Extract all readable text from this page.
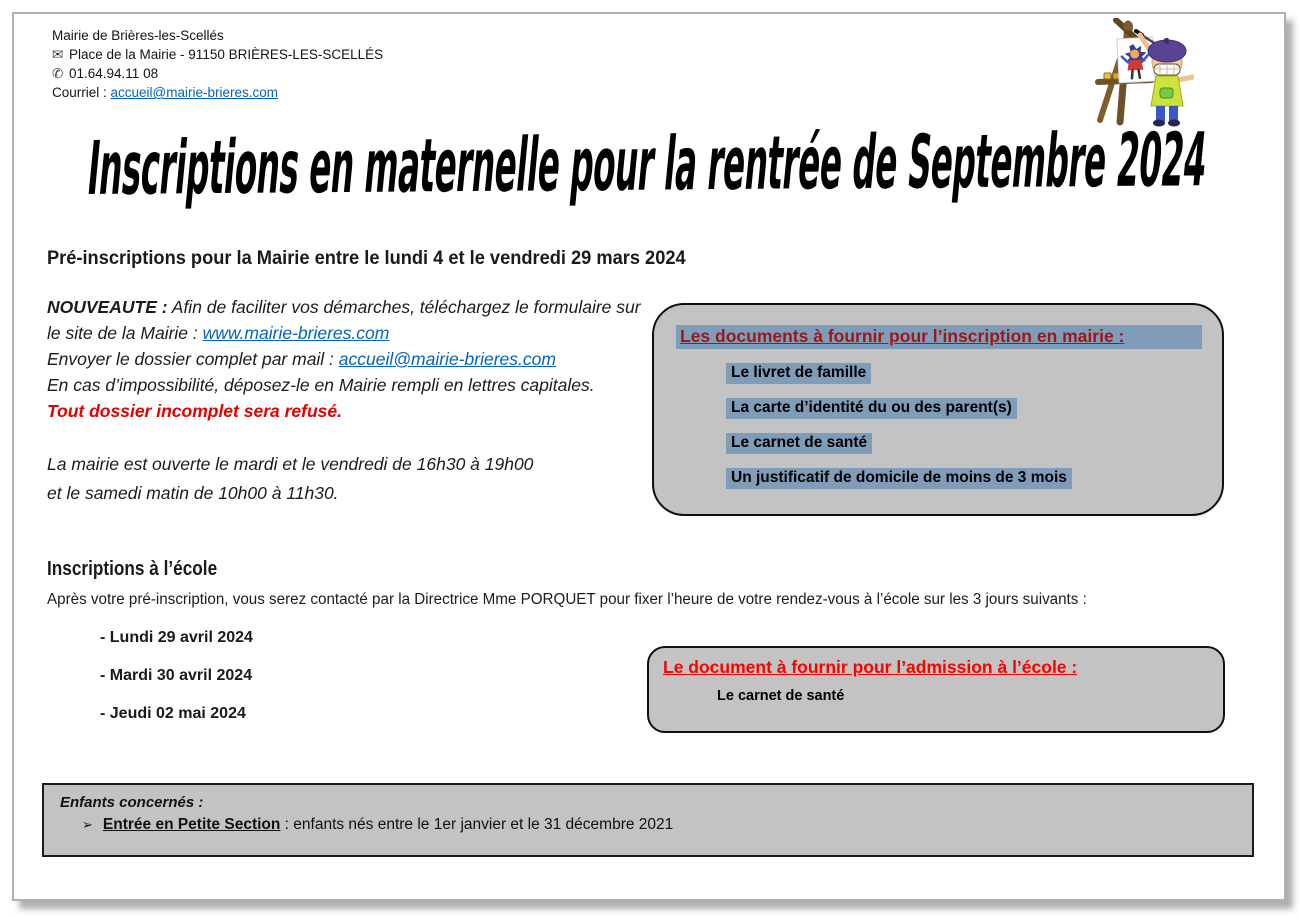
Mairie de Brières-les-Scellés
✉ Place de la Mairie - 91150 BRIÈRES-LES-SCELLÉS
✆ 01.64.94.11 08
Courriel : accueil@mairie-brieres.com
Inscriptions en maternelle pour la rentrée de Septembre 2024
Pré-inscriptions pour la Mairie entre le lundi 4 et le vendredi 29 mars 2024
NOUVEAUTE : Afin de faciliter vos démarches, téléchargez le formulaire sur
le site de la Mairie : www.mairie-brieres.com
Envoyer le dossier complet par mail : accueil@mairie-brieres.com
En cas d’impossibilité, déposez-le en Mairie rempli en lettres capitales.
Tout dossier incomplet sera refusé.
La mairie est ouverte le mardi et le vendredi de 16h30 à 19h00
et le samedi matin de 10h00 à 11h30.
Les documents à fournir pour l’inscription en mairie :
Le livret de famille
La carte d’identité du ou des parent(s)
Le carnet de santé
Un justificatif de domicile de moins de 3 mois
Inscriptions à l’école
Après votre pré-inscription, vous serez contacté par la Directrice Mme PORQUET pour fixer l’heure de votre rendez-vous à l’école sur les 3 jours suivants :
- Lundi 29 avril 2024
- Mardi 30 avril 2024
- Jeudi 02 mai 2024
Le document à fournir pour l’admission à l’école :
Le carnet de santé
Enfants concernés :
➢ Entrée en Petite Section : enfants nés entre le 1er janvier et le 31 décembre 2021
